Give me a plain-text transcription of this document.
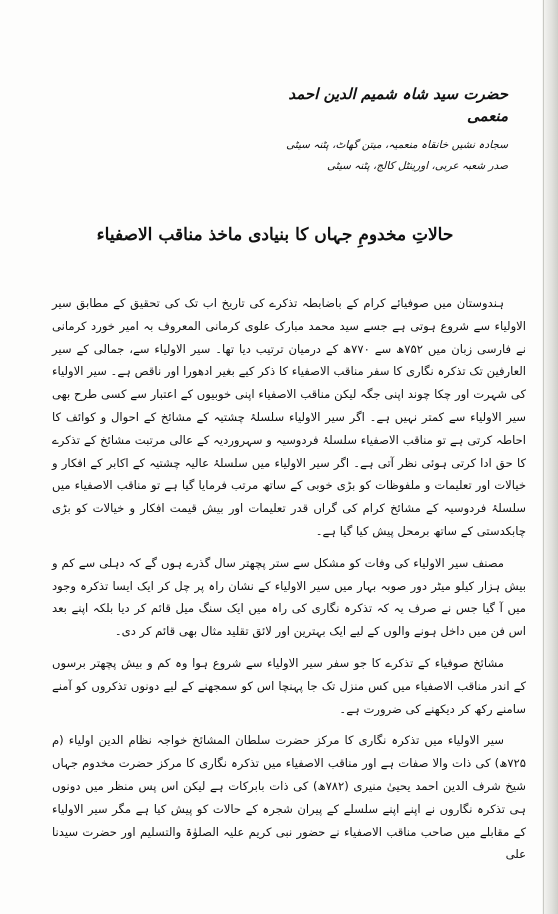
حضرت سید شاہ شمیم الدین احمد منعمی

سجادہ نشیں خانقاہ منعمیہ، میتن گھاٹ، پٹنہ سیٹی

صدر شعبہ عربی، اورینٹل کالج، پٹنہ سیٹی

حالاتِ مخدومِ جہاں کا بنیادی ماخذ مناقب الاصفیاء

ہندوستان میں صوفیائے کرام کے باضابطہ تذکرے کی تاریخ اب تک کی تحقیق کے مطابق سیر الاولیاء سے شروع ہوتی ہے جسے سید محمد مبارک علوی کرمانی المعروف بہ امیر خورد کرمانی نے فارسی زبان میں ۷۵۲ھ سے ۷۷۰ھ کے درمیان ترتیب دیا تھا۔ سیر الاولیاء سے، جمالی کے سیر العارفین تک تذکرہ نگاری کا سفر مناقب الاصفیاء کا ذکر کیے بغیر ادھورا اور ناقص ہے۔ سیر الاولیاء کی شہرت اور چکا چوند اپنی جگہ لیکن مناقب الاصفیاء اپنی خوبیوں کے اعتبار سے کسی طرح بھی سیر الاولیاء سے کمتر نہیں ہے۔ اگر سیر الاولیاء سلسلۂ چشتیہ کے مشائخ کے احوال و کوائف کا احاطہ کرتی ہے تو مناقب الاصفیاء سلسلۂ فردوسیہ و سہروردیہ کے عالی مرتبت مشائخ کے تذکرے کا حق ادا کرتی ہوئی نظر آتی ہے۔ اگر سیر الاولیاء میں سلسلۂ عالیہ چشتیہ کے اکابر کے افکار و خیالات اور تعلیمات و ملفوظات کو بڑی خوبی کے ساتھ مرتب فرمایا گیا ہے تو مناقب الاصفیاء میں سلسلۂ فردوسیہ کے مشائخ کرام کی گراں قدر تعلیمات اور بیش قیمت افکار و خیالات کو بڑی چابکدستی کے ساتھ برمحل پیش کیا گیا ہے۔

مصنف سیر الاولیاء کی وفات کو مشکل سے ستر پچھتر سال گذرے ہوں گے کہ دہلی سے کم و بیش ہزار کیلو میٹر دور صوبہ بہار میں سیر الاولیاء کے نشان راہ پر چل کر ایک ایسا تذکرہ وجود میں آ گیا جس نے صرف یہ کہ تذکرہ نگاری کی راہ میں ایک سنگ میل قائم کر دیا بلکہ اپنے بعد اس فن میں داخل ہونے والوں کے لیے ایک بہترین اور لائق تقلید مثال بھی قائم کر دی۔

مشائخ صوفیاء کے تذکرے کا جو سفر سیر الاولیاء سے شروع ہوا وہ کم و بیش پچھتر برسوں کے اندر مناقب الاصفیاء میں کس منزل تک جا پہنچا اس کو سمجھنے کے لیے دونوں تذکروں کو آمنے سامنے رکھ کر دیکھنے کی ضرورت ہے۔

سیر الاولیاء میں تذکرہ نگاری کا مرکز حضرت سلطان المشائخ خواجہ نظام الدین اولیاء (م ۷۲۵ھ) کی ذات والا صفات ہے اور مناقب الاصفیاء میں تذکرہ نگاری کا مرکز حضرت مخدوم جہاں شیخ شرف الدین احمد یحییٰ منیری (۷۸۲ھ) کی ذات بابرکات ہے لیکن اس پس منظر میں دونوں ہی تذکرہ نگاروں نے اپنے اپنے سلسلے کے پیران شجرہ کے حالات کو پیش کیا ہے مگر سیر الاولیاء کے مقابلے میں صاحب مناقب الاصفیاء نے حضور نبی کریم علیہ الصلوٰۃ والتسلیم اور حضرت سیدنا علی
